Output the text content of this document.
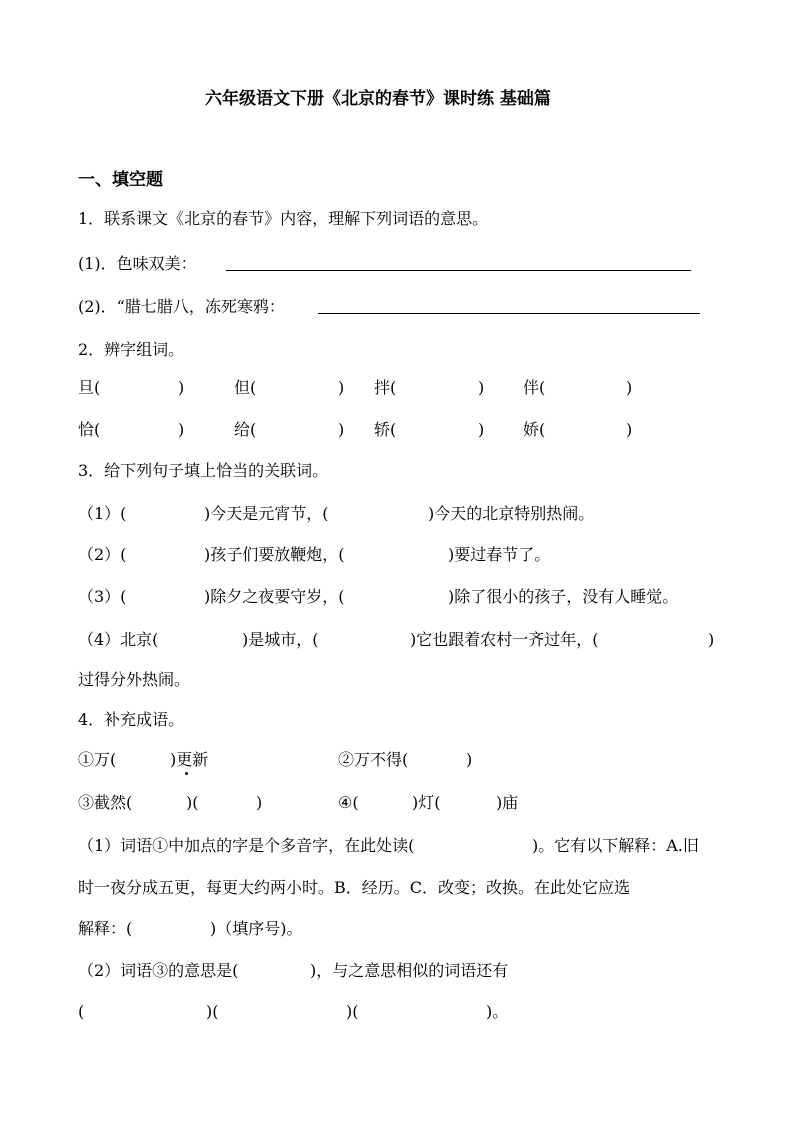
六年级语文下册《北京的春节》课时练 基础篇
一、填空题
1．联系课文《北京的春节》内容，理解下列词语的意思。
(1)．色味双美：
(2)．“腊七腊八，冻死寒鸦：
2．辨字组词。
旦(	)	但(	) 拌(	) 伴(	)
恰(	)	给(	) 轿(	) 娇(	)
3．给下列句子填上恰当的关联词。
（1）(	)今天是元宵节，(	)今天的北京特别热闹。
（2）(	)孩子们要放鞭炮，(	)要过春节了。
（3）(	)除夕之夜要守岁，(	)除了很小的孩子，没有人睡觉。
（4）北京(	)是城市，(	)它也跟着农村一齐过年，(	)
过得分外热闹。
4．补充成语。
①万(	)更新	②万不得(	)
③截然(	)(	)	④(	)灯(	)庙
（1）词语①中加点的字是个多音字，在此处读(	)。它有以下解释：A.旧
时一夜分成五更，每更大约两小时。B．经历。C．改变；改换。在此处它应选
解释：(	)（填序号)。
（2）词语③的意思是(	)，与之意思相似的词语还有
(	)(	)(	)。
